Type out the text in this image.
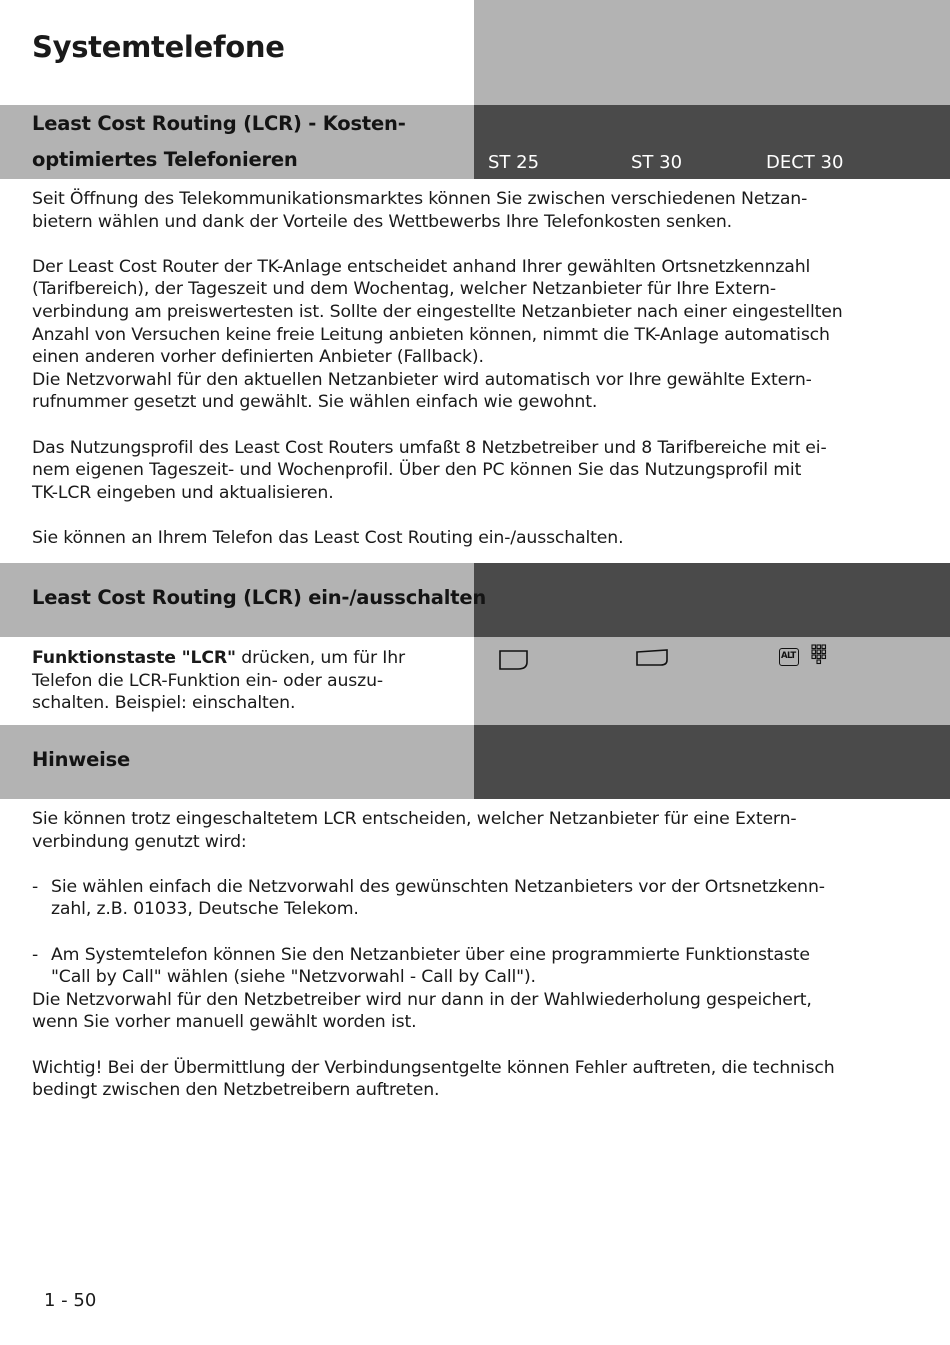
Systemtelefone
Least Cost Routing (LCR) - Kosten-
optimiertes Telefonieren	ST 25	ST 30	DECT 30

Seit Öffnung des Telekommunikationsmarktes können Sie zwischen verschiedenen Netzan-
bietern wählen und dank der Vorteile des Wettbewerbs Ihre Telefonkosten senken.

Der Least Cost Router der TK-Anlage entscheidet anhand Ihrer gewählten Ortsnetzkennzahl
(Tarifbereich), der Tageszeit und dem Wochentag, welcher Netzanbieter für Ihre Extern-
verbindung am preiswertesten ist. Sollte der eingestellte Netzanbieter nach einer eingestellten
Anzahl von Versuchen keine freie Leitung anbieten können, nimmt die TK-Anlage automatisch
einen anderen vorher definierten Anbieter (Fallback).
Die Netzvorwahl für den aktuellen Netzanbieter wird automatisch vor Ihre gewählte Extern-
rufnummer gesetzt und gewählt. Sie wählen einfach wie gewohnt.

Das Nutzungsprofil des Least Cost Routers umfaßt 8 Netzbetreiber und 8 Tarifbereiche mit ei-
nem eigenen Tageszeit- und Wochenprofil. Über den PC können Sie das Nutzungsprofil mit
TK-LCR eingeben und aktualisieren.

Sie können an Ihrem Telefon das Least Cost Routing ein-/ausschalten.

Least Cost Routing (LCR) ein-/ausschalten
Funktionstaste "LCR" drücken, um für Ihr
Telefon die LCR-Funktion ein- oder auszu-
schalten. Beispiel: einschalten.
ALT
Hinweise

Sie können trotz eingeschaltetem LCR entscheiden, welcher Netzanbieter für eine Extern-
verbindung genutzt wird:

- Sie wählen einfach die Netzvorwahl des gewünschten Netzanbieters vor der Ortsnetzkenn-
zahl, z.B. 01033, Deutsche Telekom.

- Am Systemtelefon können Sie den Netzanbieter über eine programmierte Funktionstaste
"Call by Call" wählen (siehe "Netzvorwahl - Call by Call").

Die Netzvorwahl für den Netzbetreiber wird nur dann in der Wahlwiederholung gespeichert,
wenn Sie vorher manuell gewählt worden ist.

Wichtig! Bei der Übermittlung der Verbindungsentgelte können Fehler auftreten, die technisch
bedingt zwischen den Netzbetreibern auftreten.

1 - 50
